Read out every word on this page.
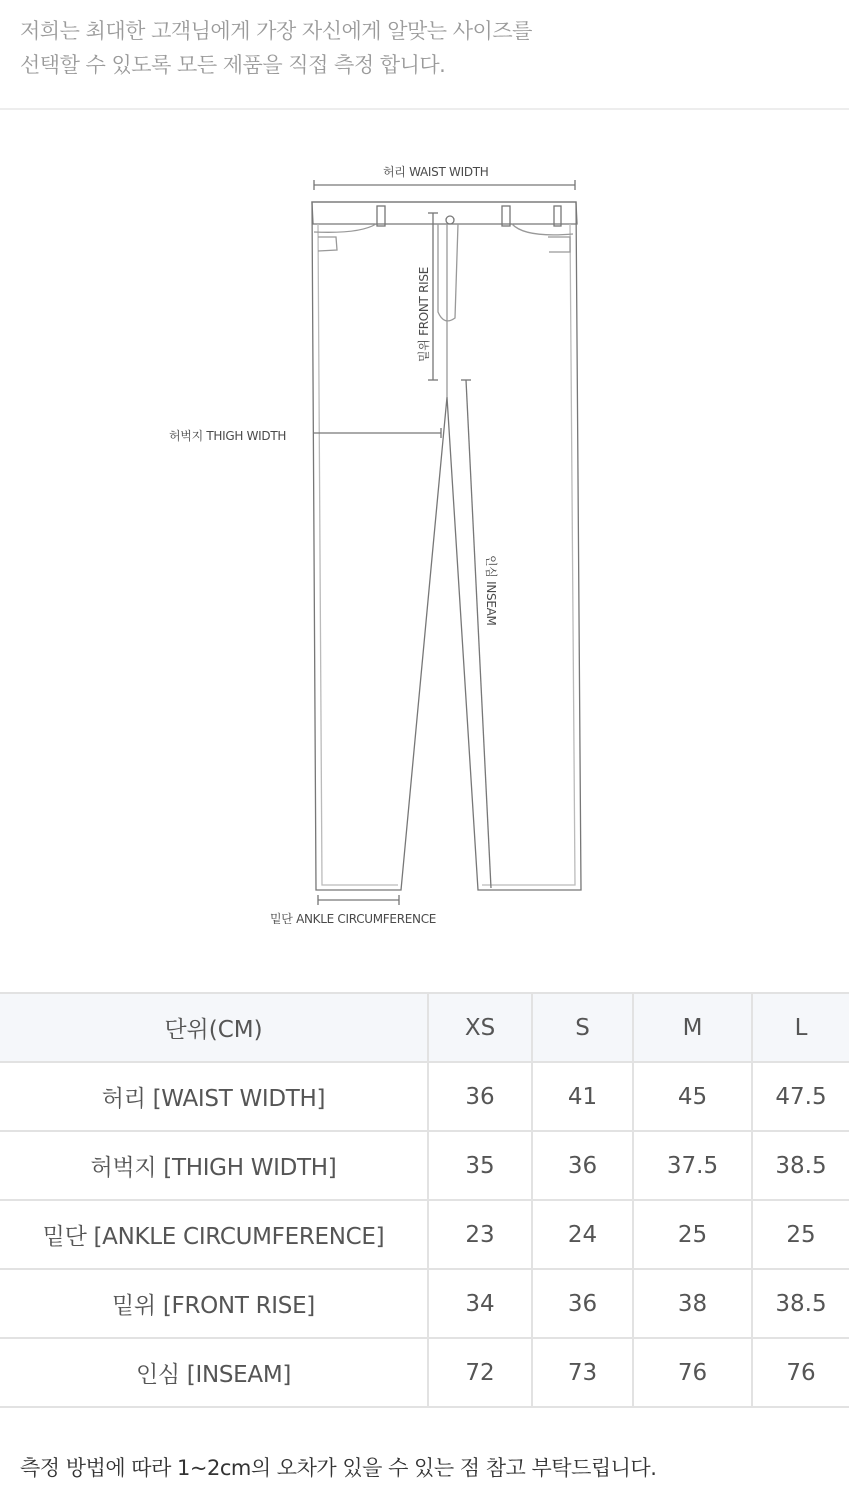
저희는 최대한 고객님에게 가장 자신에게 알맞는 사이즈를
선택할 수 있도록 모든 제품을 직접 측정 합니다.
허리 WAIST WIDTH
밑위 FRONT RISE
허벅지 THIGH WIDTH
인심 INSEAM
밑단 ANKLE CIRCUMFERENCE
단위(CM)	XS	S	M	L
허리 [WAIST WIDTH]	36	41	45	47.5
허벅지 [THIGH WIDTH]	35	36	37.5	38.5
밑단 [ANKLE CIRCUMFERENCE]	23	24	25	25
밑위 [FRONT RISE]	34	36	38	38.5
인심 [INSEAM]	72	73	76	76
측정 방법에 따라 1~2cm의 오차가 있을 수 있는 점 참고 부탁드립니다.
